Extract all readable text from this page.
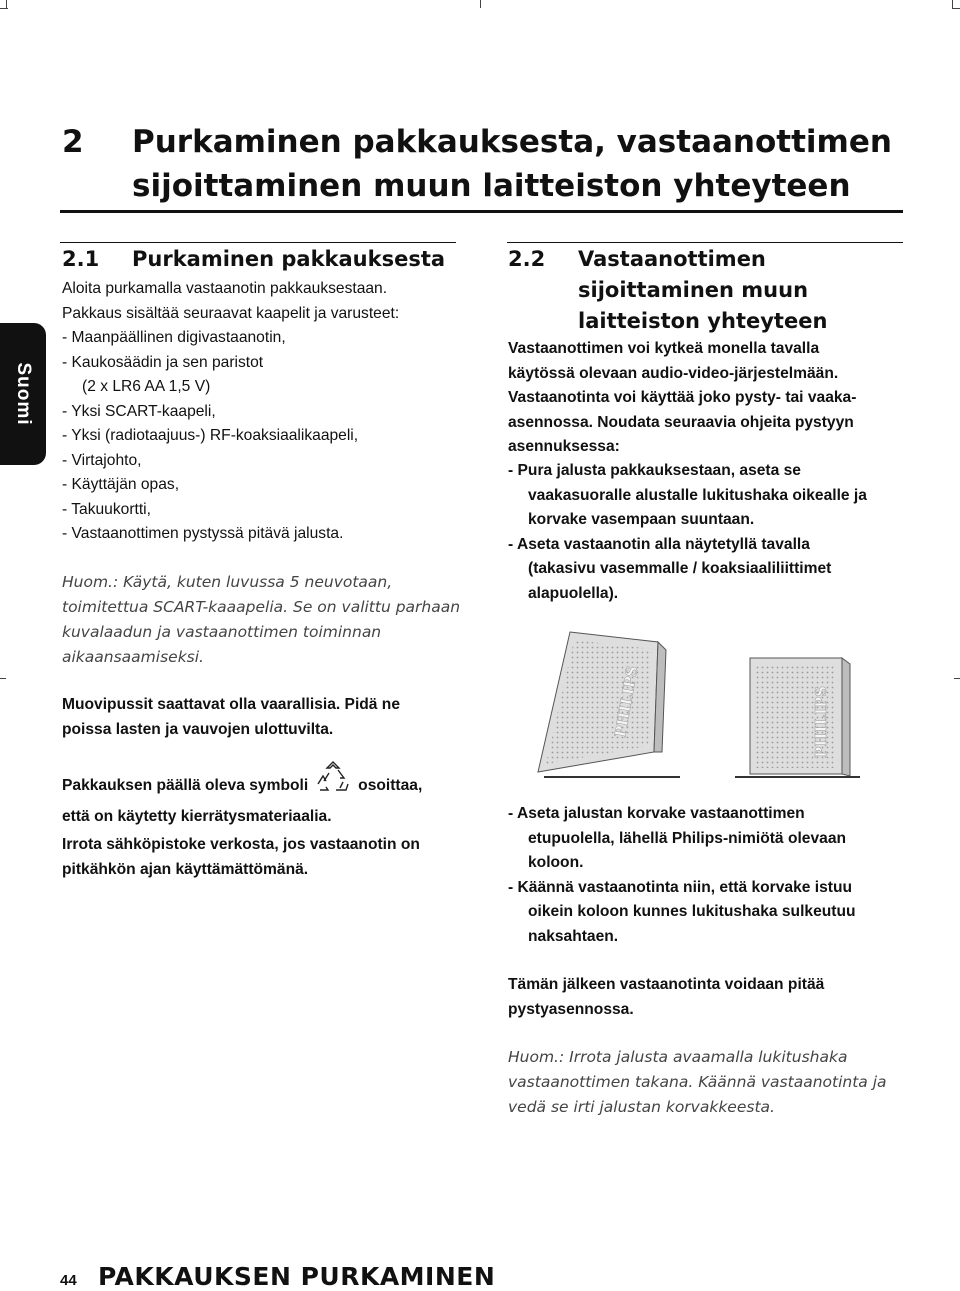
Suomi
2 Purkaminen pakkauksesta, vastaanottimen
sijoittaminen muun laitteiston yhteyteen
2.1 Purkaminen pakkauksesta
Aloita purkamalla vastaanotin pakkauksestaan.
Pakkaus sisältää seuraavat kaapelit ja varusteet:
- Maanpäällinen digivastaanotin,
- Kaukosäädin ja sen paristot
(2 x LR6 AA 1,5 V)
- Yksi SCART-kaapeli,
- Yksi (radiotaajuus-) RF-koaksiaalikaapeli,
- Virtajohto,
- Käyttäjän opas,
- Takuukortti,
- Vastaanottimen pystyssä pitävä jalusta.
Huom.: Käytä, kuten luvussa 5 neuvotaan,
toimitettua SCART-kaaapelia. Se on valittu parhaan
kuvalaadun ja vastaanottimen toiminnan
aikaansaamiseksi.
Muovipussit saattavat olla vaarallisia. Pidä ne
poissa lasten ja vauvojen ulottuvilta.
Pakkauksen päällä oleva symboli	osoittaa,
että on käytetty kierrätysmateriaalia.
Irrota sähköpistoke verkosta, jos vastaanotin on
pitkähkön ajan käyttämättömänä.
2.2 Vastaanottimen
sijoittaminen muun
laitteiston yhteyteen
Vastaanottimen voi kytkeä monella tavalla
käytössä olevaan audio-video-järjestelmään.
Vastaanotinta voi käyttää joko pysty- tai vaaka-
asennossa. Noudata seuraavia ohjeita pystyyn
asennuksessa:
- Pura jalusta pakkauksestaan, aseta se
vaakasuoralle alustalle lukitushaka oikealle ja
korvake vasempaan suuntaan.
- Aseta vastaanotin alla näytetyllä tavalla
(takasivu vasemmalle / koaksiaaliliittimet
alapuolella).
PHILIPS	PHILIPS
- Aseta jalustan korvake vastaanottimen
etupuolella, lähellä Philips-nimiötä olevaan
koloon.
- Käännä vastaanotinta niin, että korvake istuu
oikein koloon kunnes lukitushaka sulkeutuu
naksahtaen.
Tämän jälkeen vastaanotinta voidaan pitää
pystyasennossa.
Huom.: Irrota jalusta avaamalla lukitushaka
vastaanottimen takana. Käännä vastaanotinta ja
vedä se irti jalustan korvakkeesta.
44 PAKKAUKSEN PURKAMINEN
